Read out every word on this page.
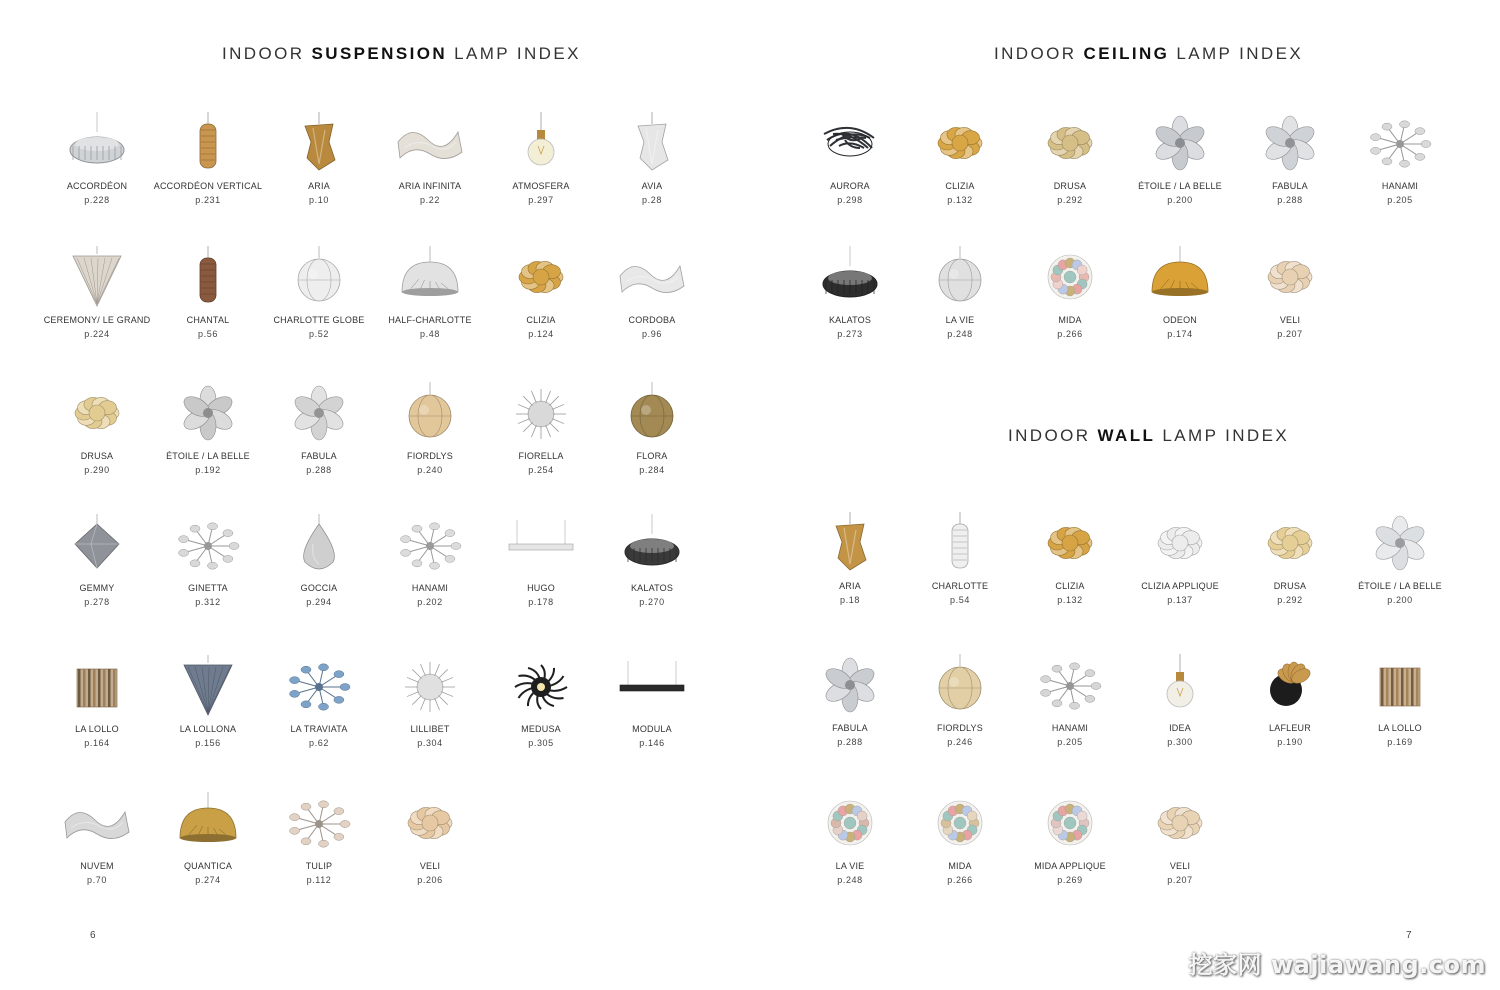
INDOOR SUSPENSION LAMP INDEX
ACCORDÉON
p.228
ACCORDÉON VERTICAL
p.231
ARIA
p.10
ARIA INFINITA
p.22
ATMOSFERA
p.297
AVIA
p.28
CEREMONY/ LE GRAND
p.224
CHANTAL
p.56
CHARLOTTE GLOBE
p.52
HALF-CHARLOTTE
p.48
CLIZIA
p.124
CORDOBA
p.96
DRUSA
p.290
ÉTOILE / LA BELLE
p.192
FABULA
p.288
FIORDLYS
p.240
FIORELLA
p.254
FLORA
p.284
GEMMY
p.278
GINETTA
p.312
GOCCIA
p.294
HANAMI
p.202
HUGO
p.178
KALATOS
p.270
LA LOLLO
p.164
LA LOLLONA
p.156
LA TRAVIATA
p.62
LILLIBET
p.304
MEDUSA
p.305
MODULA
p.146
NUVEM
p.70
QUANTICA
p.274
TULIP
p.112
VELI
p.206
6
INDOOR CEILING LAMP INDEX
AURORA
p.298
CLIZIA
p.132
DRUSA
p.292
ÉTOILE / LA BELLE
p.200
FABULA
p.288
HANAMI
p.205
KALATOS
p.273
LA VIE
p.248
MIDA
p.266
ODEON
p.174
VELI
p.207
INDOOR WALL LAMP INDEX
ARIA
p.18
CHARLOTTE
p.54
CLIZIA
p.132
CLIZIA APPLIQUE
p.137
DRUSA
p.292
ÉTOILE / LA BELLE
p.200
FABULA
p.288
FIORDLYS
p.246
HANAMI
p.205
IDEA
p.300
LAFLEUR
p.190
LA LOLLO
p.169
LA VIE
p.248
MIDA
p.266
MIDA APPLIQUE
p.269
VELI
p.207
7
挖家网 wajiawang.com
